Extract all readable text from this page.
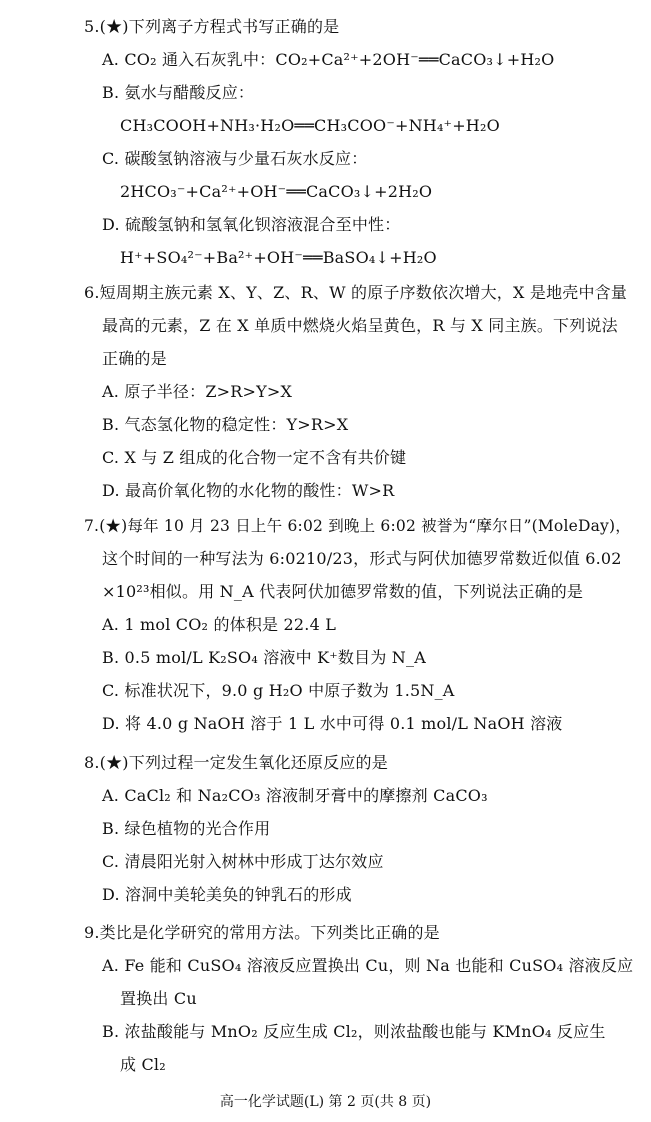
5.(★)下列离子方程式书写正确的是
A. CO₂ 通入石灰乳中：CO₂+Ca²⁺+2OH⁻══CaCO₃↓+H₂O
B. 氨水与醋酸反应：
CH₃COOH+NH₃·H₂O══CH₃COO⁻+NH₄⁺+H₂O
C. 碳酸氢钠溶液与少量石灰水反应：
2HCO₃⁻+Ca²⁺+OH⁻══CaCO₃↓+2H₂O
D. 硫酸氢钠和氢氧化钡溶液混合至中性：
H⁺+SO₄²⁻+Ba²⁺+OH⁻══BaSO₄↓+H₂O
6.短周期主族元素 X、Y、Z、R、W 的原子序数依次增大，X 是地壳中含量
最高的元素，Z 在 X 单质中燃烧火焰呈黄色，R 与 X 同主族。下列说法
正确的是
A. 原子半径：Z>R>Y>X
B. 气态氢化物的稳定性：Y>R>X
C. X 与 Z 组成的化合物一定不含有共价键
D. 最高价氧化物的水化物的酸性：W>R
7.(★)每年 10 月 23 日上午 6:02 到晚上 6:02 被誉为“摩尔日”(MoleDay)，
这个时间的一种写法为 6:0210/23，形式与阿伏加德罗常数近似值 6.02
×10²³相似。用 N_A 代表阿伏加德罗常数的值，下列说法正确的是
A. 1 mol CO₂ 的体积是 22.4 L
B. 0.5 mol/L K₂SO₄ 溶液中 K⁺数目为 N_A
C. 标准状况下，9.0 g H₂O 中原子数为 1.5N_A
D. 将 4.0 g NaOH 溶于 1 L 水中可得 0.1 mol/L NaOH 溶液
8.(★)下列过程一定发生氧化还原反应的是
A. CaCl₂ 和 Na₂CO₃ 溶液制牙膏中的摩擦剂 CaCO₃
B. 绿色植物的光合作用
C. 清晨阳光射入树林中形成丁达尔效应
D. 溶洞中美轮美奂的钟乳石的形成
9.类比是化学研究的常用方法。下列类比正确的是
A. Fe 能和 CuSO₄ 溶液反应置换出 Cu，则 Na 也能和 CuSO₄ 溶液反应
置换出 Cu
B. 浓盐酸能与 MnO₂ 反应生成 Cl₂，则浓盐酸也能与 KMnO₄ 反应生
成 Cl₂
高一化学试题(L) 第 2 页(共 8 页)
